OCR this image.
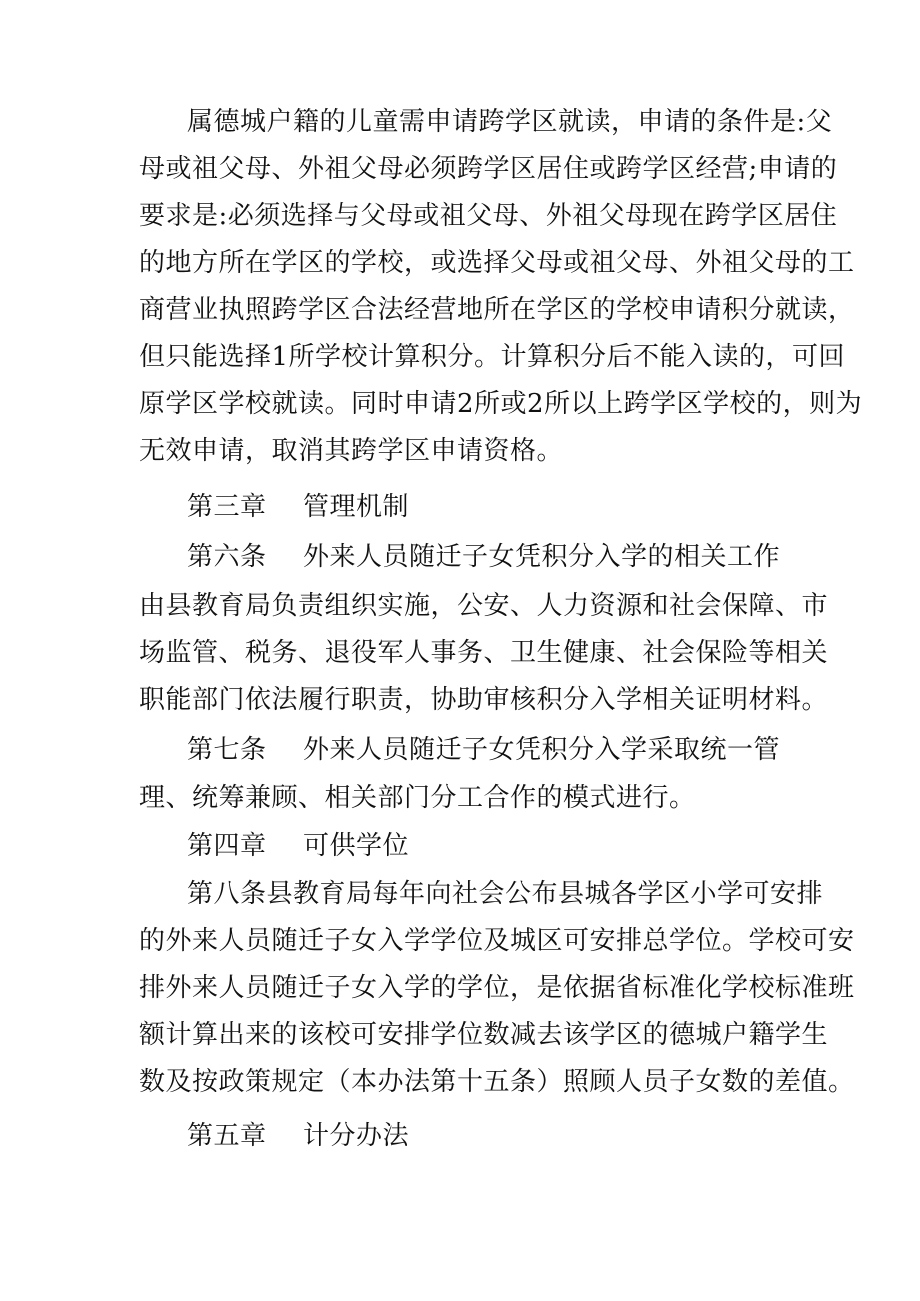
属德城户籍的儿童需申请跨学区就读，申请的条件是:父
母或祖父母、外祖父母必须跨学区居住或跨学区经营;申请的
要求是:必须选择与父母或祖父母、外祖父母现在跨学区居住
的地方所在学区的学校，或选择父母或祖父母、外祖父母的工
商营业执照跨学区合法经营地所在学区的学校申请积分就读，
但只能选择1所学校计算积分。计算积分后不能入读的，可回
原学区学校就读。同时申请2所或2所以上跨学区学校的，则为
无效申请，取消其跨学区申请资格。
第三章 管理机制
第六条 外来人员随迁子女凭积分入学的相关工作
由县教育局负责组织实施，公安、人力资源和社会保障、市
场监管、税务、退役军人事务、卫生健康、社会保险等相关
职能部门依法履行职责，协助审核积分入学相关证明材料。
第七条 外来人员随迁子女凭积分入学采取统一管
理、统筹兼顾、相关部门分工合作的模式进行。
第四章 可供学位
第八条县教育局每年向社会公布县城各学区小学可安排
的外来人员随迁子女入学学位及城区可安排总学位。学校可安
排外来人员随迁子女入学的学位，是依据省标准化学校标准班
额计算出来的该校可安排学位数减去该学区的德城户籍学生
数及按政策规定（本办法第十五条）照顾人员子女数的差值。
第五章 计分办法
